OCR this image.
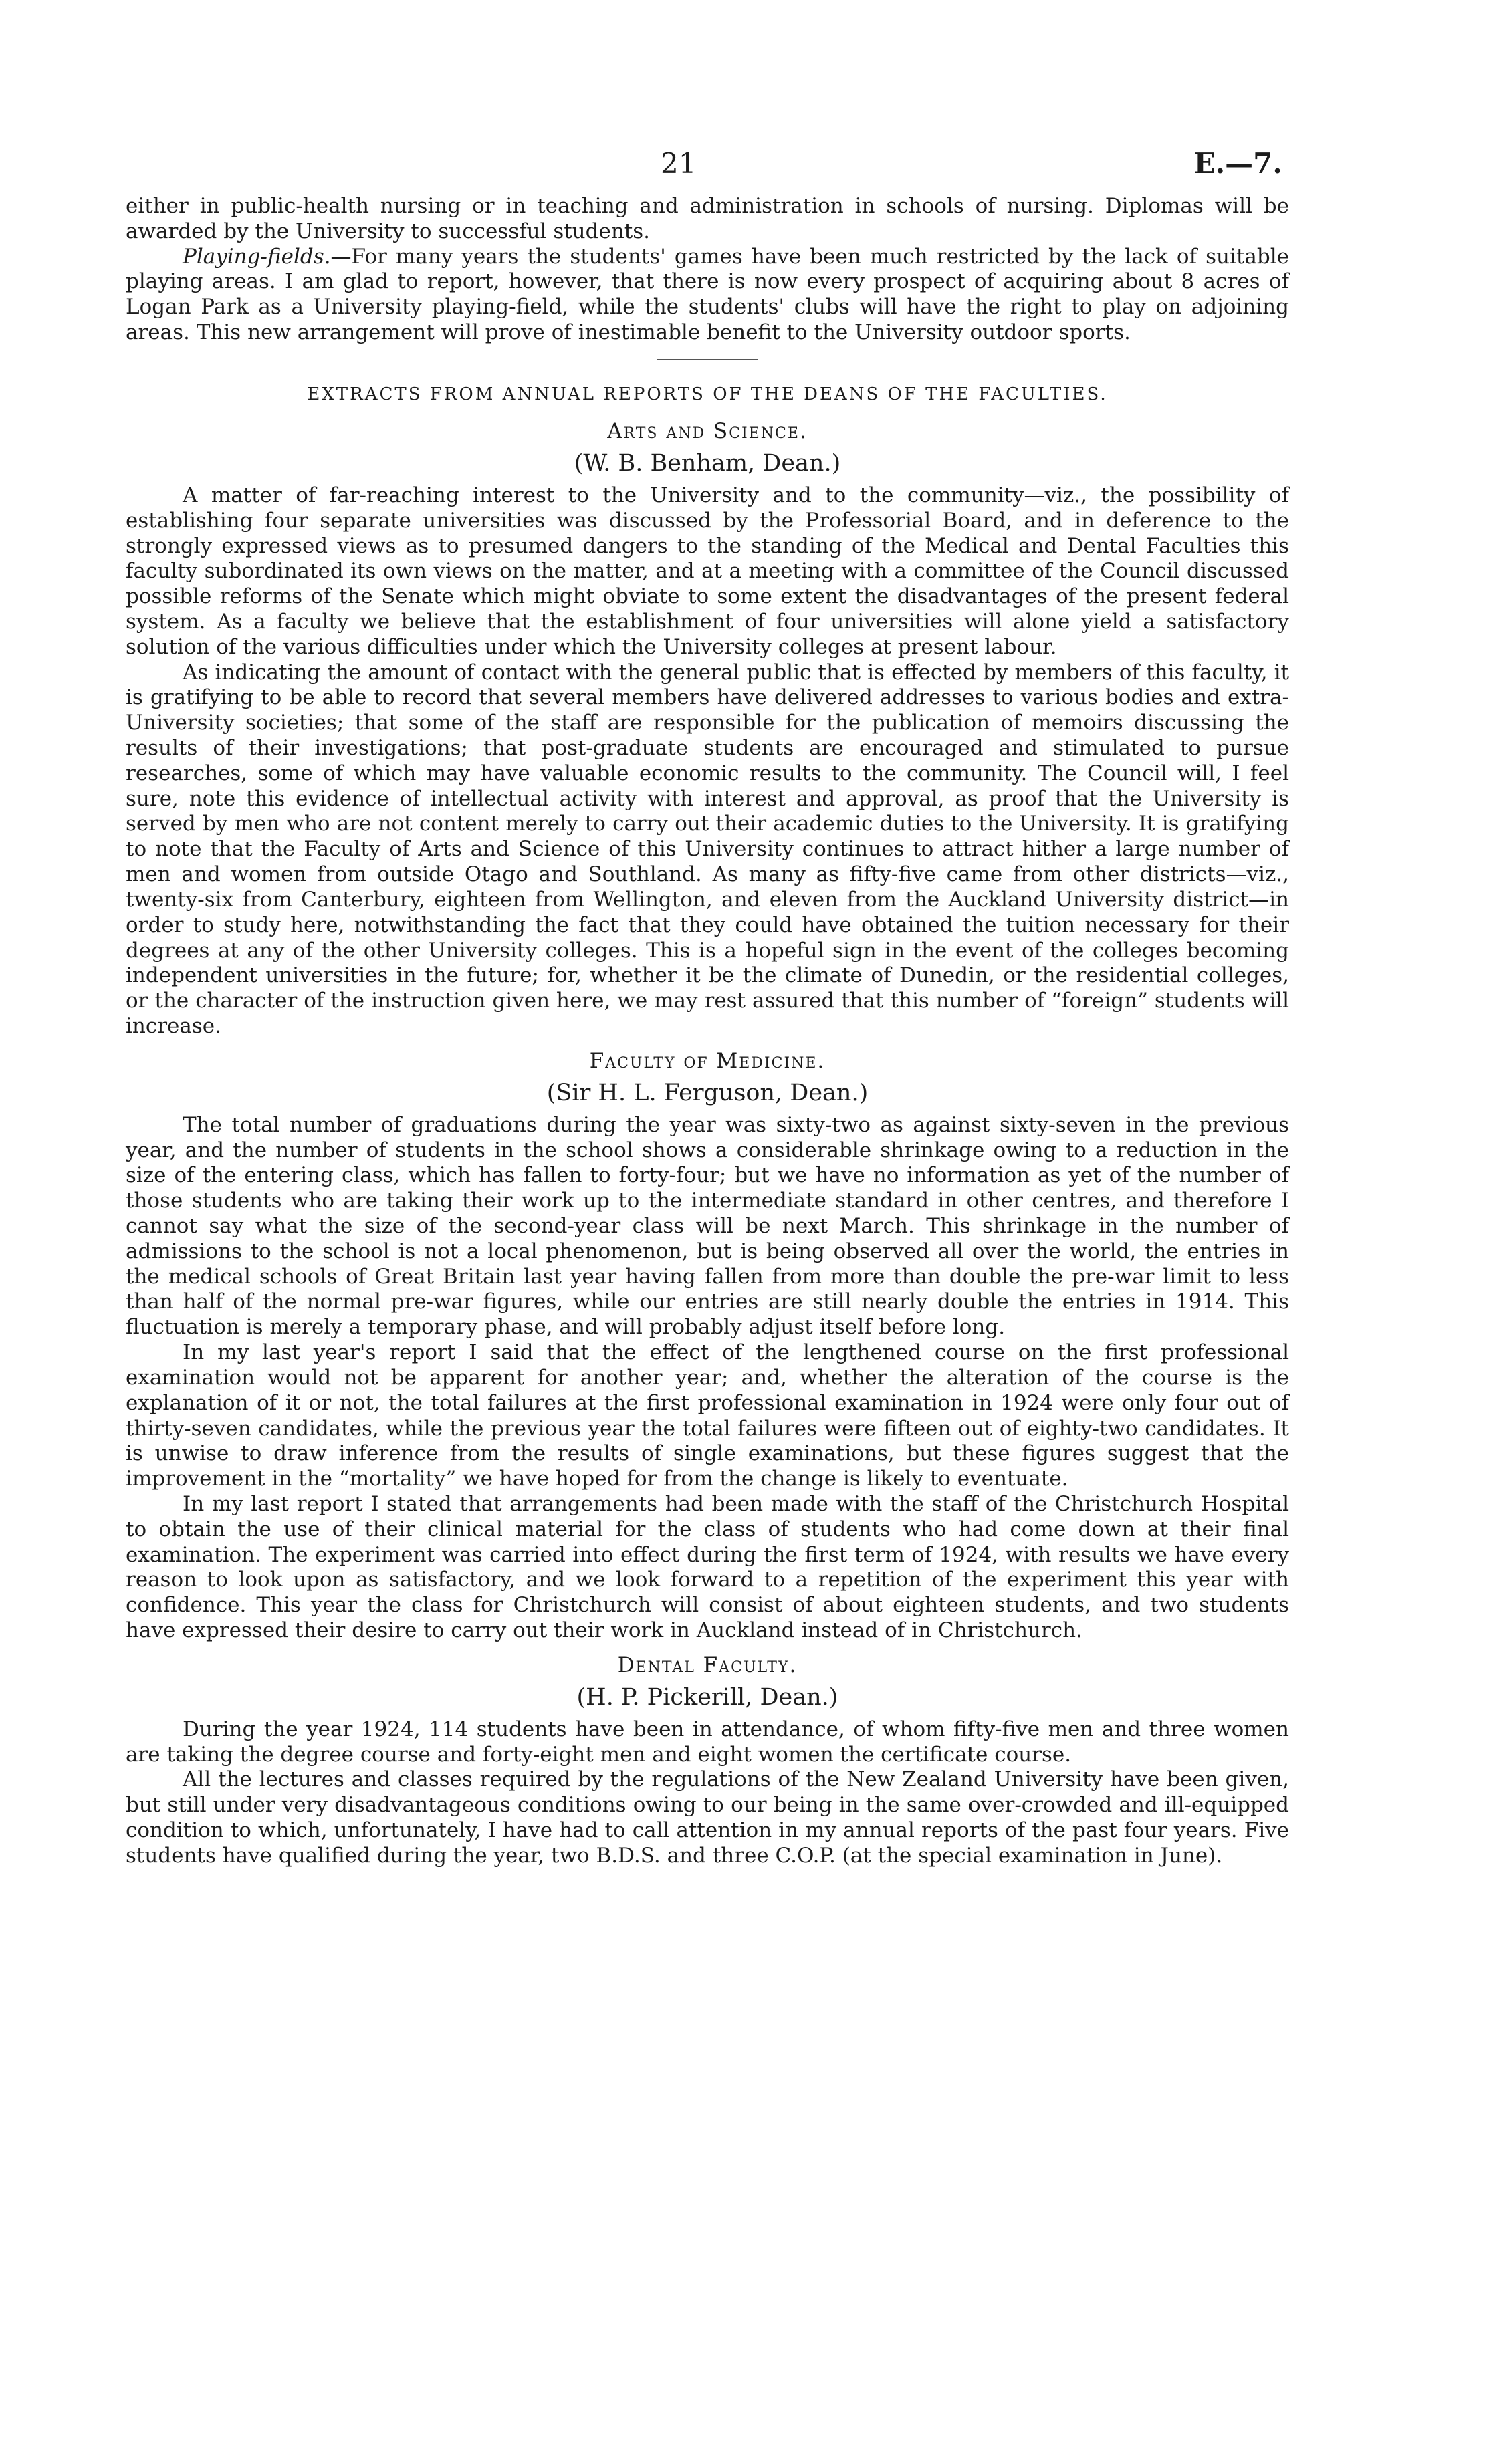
21	E.—7.

either in public-health nursing or in teaching and administration in schools of nursing. Diplomas will be awarded by the University to successful students.

Playing-fields.—For many years the students' games have been much restricted by the lack of suitable playing areas. I am glad to report, however, that there is now every prospect of acquiring about 8 acres of Logan Park as a University playing-field, while the students' clubs will have the right to play on adjoining areas. This new arrangement will prove of inestimable benefit to the University outdoor sports.

EXTRACTS FROM ANNUAL REPORTS OF THE DEANS OF THE FACULTIES.
Arts and Science.
(W. B. Benham, Dean.)

A matter of far-reaching interest to the University and to the community—viz., the possibility of establishing four separate universities was discussed by the Professorial Board, and in deference to the strongly expressed views as to presumed dangers to the standing of the Medical and Dental Faculties this faculty subordinated its own views on the matter, and at a meeting with a committee of the Council discussed possible reforms of the Senate which might obviate to some extent the disadvantages of the present federal system. As a faculty we believe that the establishment of four universities will alone yield a satisfactory solution of the various difficulties under which the University colleges at present labour.

As indicating the amount of contact with the general public that is effected by members of this faculty, it is gratifying to be able to record that several members have delivered addresses to various bodies and extra-University societies; that some of the staff are responsible for the publication of memoirs discussing the results of their investigations; that post-graduate students are encouraged and stimulated to pursue researches, some of which may have valuable economic results to the community. The Council will, I feel sure, note this evidence of intellectual activity with interest and approval, as proof that the University is served by men who are not content merely to carry out their academic duties to the University. It is gratifying to note that the Faculty of Arts and Science of this University continues to attract hither a large number of men and women from outside Otago and Southland. As many as fifty-five came from other districts—viz., twenty-six from Canterbury, eighteen from Wellington, and eleven from the Auckland University district—in order to study here, notwithstanding the fact that they could have obtained the tuition necessary for their degrees at any of the other University colleges. This is a hopeful sign in the event of the colleges becoming independent universities in the future; for, whether it be the climate of Dunedin, or the residential colleges, or the character of the instruction given here, we may rest assured that this number of “foreign” students will increase.

Faculty of Medicine.
(Sir H. L. Ferguson, Dean.)

The total number of graduations during the year was sixty-two as against sixty-seven in the previous year, and the number of students in the school shows a considerable shrinkage owing to a reduction in the size of the entering class, which has fallen to forty-four; but we have no information as yet of the number of those students who are taking their work up to the intermediate standard in other centres, and therefore I cannot say what the size of the second-year class will be next March. This shrinkage in the number of admissions to the school is not a local phenomenon, but is being observed all over the world, the entries in the medical schools of Great Britain last year having fallen from more than double the pre-war limit to less than half of the normal pre-war figures, while our entries are still nearly double the entries in 1914. This fluctuation is merely a temporary phase, and will probably adjust itself before long.

In my last year's report I said that the effect of the lengthened course on the first professional examination would not be apparent for another year; and, whether the alteration of the course is the explanation of it or not, the total failures at the first professional examination in 1924 were only four out of thirty-seven candidates, while the previous year the total failures were fifteen out of eighty-two candidates. It is unwise to draw inference from the results of single examinations, but these figures suggest that the improvement in the “mortality” we have hoped for from the change is likely to eventuate.

In my last report I stated that arrangements had been made with the staff of the Christchurch Hospital to obtain the use of their clinical material for the class of students who had come down at their final examination. The experiment was carried into effect during the first term of 1924, with results we have every reason to look upon as satisfactory, and we look forward to a repetition of the experiment this year with confidence. This year the class for Christchurch will consist of about eighteen students, and two students have expressed their desire to carry out their work in Auckland instead of in Christchurch.

Dental Faculty.
(H. P. Pickerill, Dean.)

During the year 1924, 114 students have been in attendance, of whom fifty-five men and three women are taking the degree course and forty-eight men and eight women the certificate course.

All the lectures and classes required by the regulations of the New Zealand University have been given, but still under very disadvantageous conditions owing to our being in the same over-crowded and ill-equipped condition to which, unfortunately, I have had to call attention in my annual reports of the past four years. Five students have qualified during the year, two B.D.S. and three C.O.P. (at the special examination in June).
